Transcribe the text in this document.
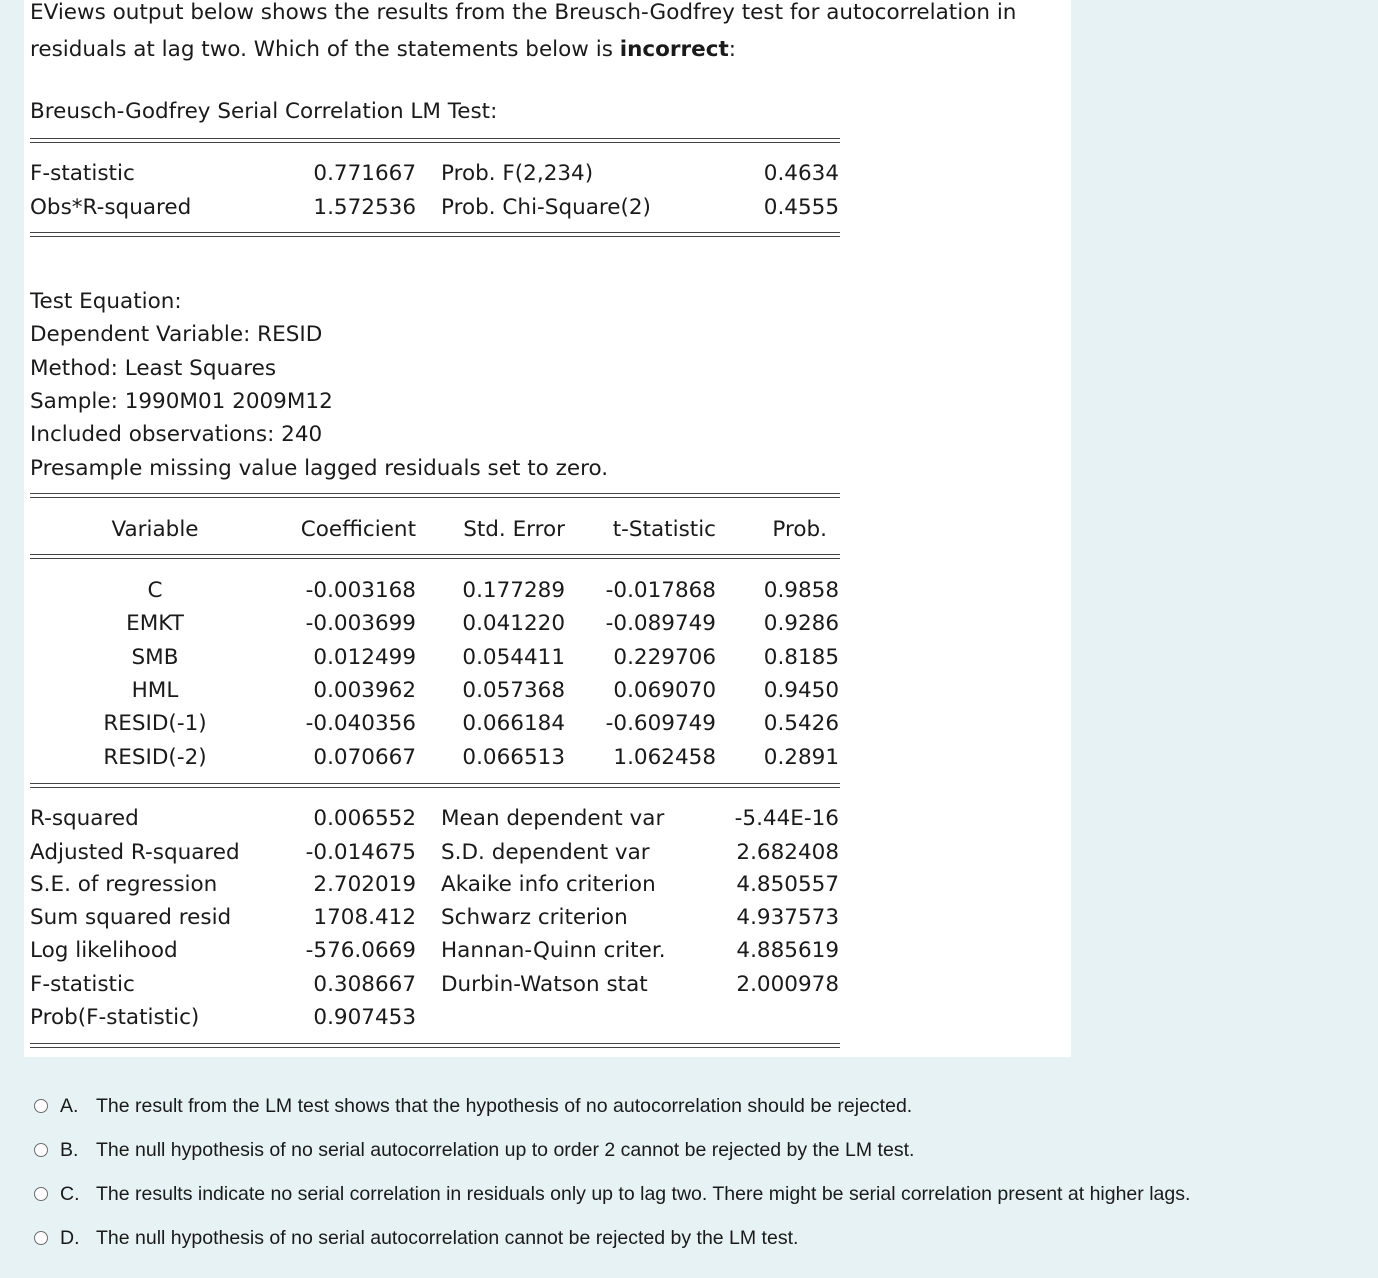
EViews output below shows the results from the Breusch-Godfrey test for autocorrelation in
residuals at lag two. Which of the statements below is incorrect:
Breusch-Godfrey Serial Correlation LM Test:
F-statistic	0.771667 Prob. F(2,234)	0.4634
Obs*R-squared	1.572536 Prob. Chi-Square(2)	0.4555
Test Equation:
Dependent Variable: RESID
Method: Least Squares
Sample: 1990M01 2009M12
Included observations: 240
Presample missing value lagged residuals set to zero.
Variable	Coefficient	Std. Error	t-Statistic	Prob.
C	-0.003168	0.177289	-0.017868	0.9858
EMKT	-0.003699	0.041220	-0.089749	0.9286
SMB	0.012499	0.054411	0.229706	0.8185
HML	0.003962	0.057368	0.069070	0.9450
RESID(-1)	-0.040356	0.066184	-0.609749	0.5426
RESID(-2)	0.070667	0.066513	1.062458	0.2891
R-squared	0.006552 Mean dependent var	-5.44E-16
Adjusted R-squared	-0.014675 S.D. dependent var	2.682408
S.E. of regression	2.702019 Akaike info criterion	4.850557
Sum squared resid	1708.412 Schwarz criterion	4.937573
Log likelihood	-576.0669 Hannan-Quinn criter.	4.885619
F-statistic	0.308667 Durbin-Watson stat	2.000978
Prob(F-statistic)	0.907453
A. The result from the LM test shows that the hypothesis of no autocorrelation should be rejected.
B. The null hypothesis of no serial autocorrelation up to order 2 cannot be rejected by the LM test.
C. The results indicate no serial correlation in residuals only up to lag two. There might be serial correlation present at higher lags.
D. The null hypothesis of no serial autocorrelation cannot be rejected by the LM test.
